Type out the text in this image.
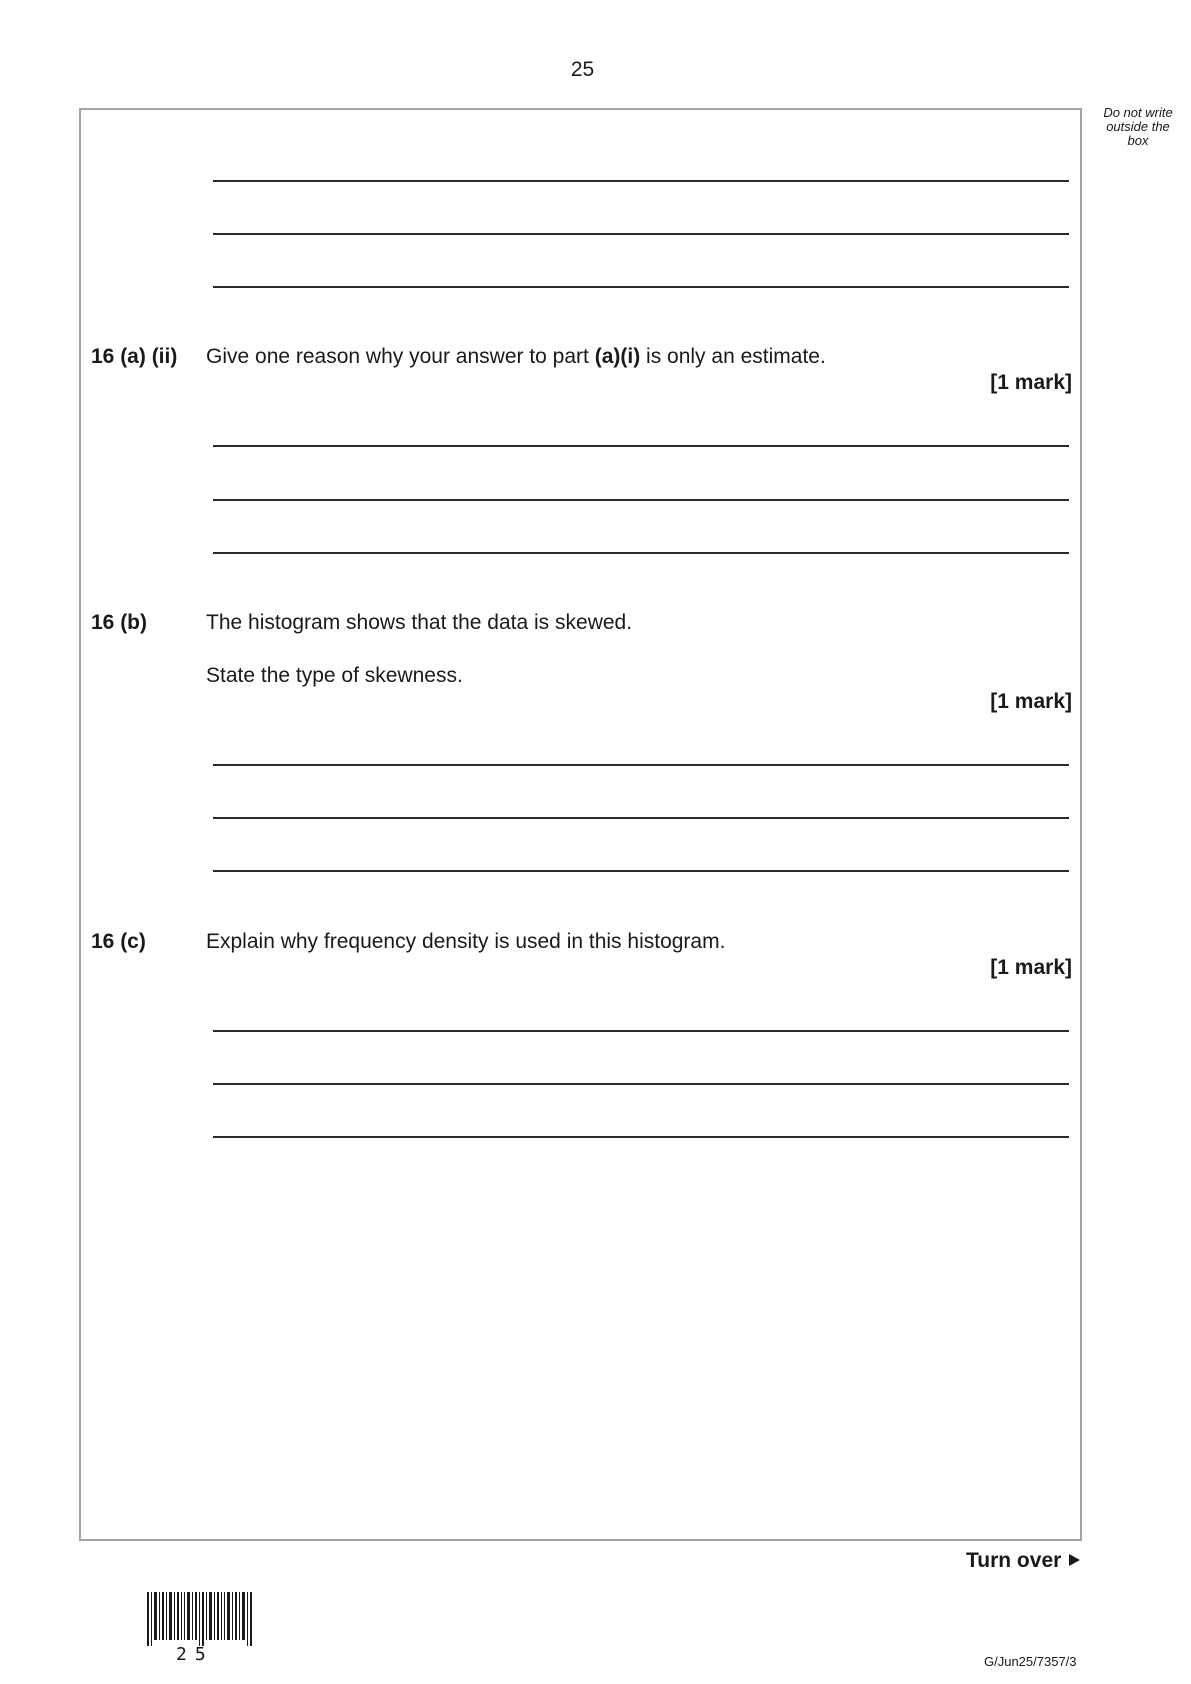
25
Do not write
outside the
box
16 (a) (ii) Give one reason why your answer to part (a)(i) is only an estimate.
[1 mark]
16 (b)	The histogram shows that the data is skewed.
State the type of skewness.
[1 mark]
16 (c)	Explain why frequency density is used in this histogram.
[1 mark]
Turn over
25	G/Jun25/7357/3
